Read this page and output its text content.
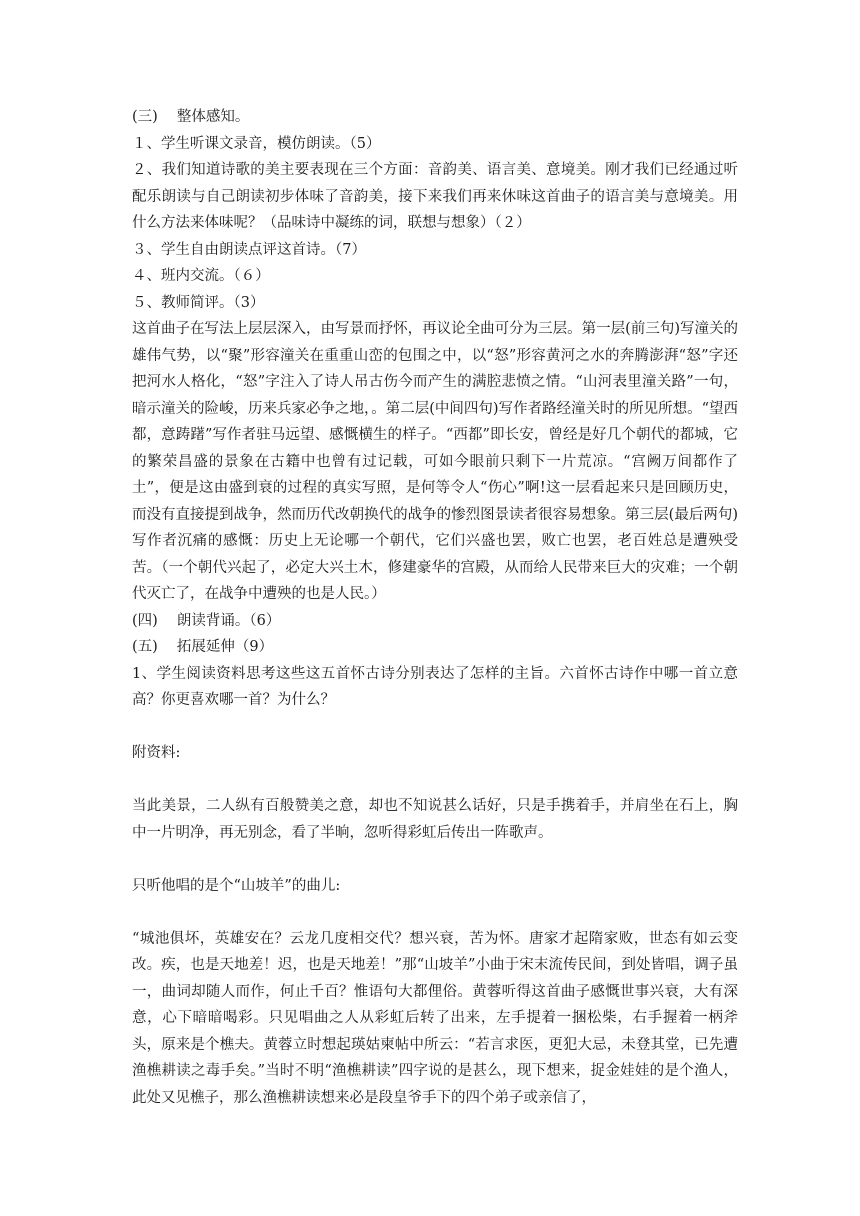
(三)　 整体感知。

１、学生听课文录音，模仿朗读。（5）

２、我们知道诗歌的美主要表现在三个方面：音韵美、语言美、意境美。刚才我们已经通过听配乐朗读与自己朗读初步体味了音韵美，接下来我们再来休味这首曲子的语言美与意境美。用什么方法来体味呢？（品味诗中凝练的词，联想与想象）（２）

３、学生自由朗读点评这首诗。（7）

４、班内交流。（６）

５、教师简评。（3）

这首曲子在写法上层层深入，由写景而抒怀，再议论全曲可分为三层。第一层(前三句)写潼关的雄伟气势，以“聚”形容潼关在重重山峦的包围之中，以“怒”形容黄河之水的奔腾澎湃“怒”字还把河水人格化，“怒”字注入了诗人吊古伤今而产生的满腔悲愤之情。“山河表里潼关路”一句，暗示潼关的险峻，历来兵家必争之地，。第二层(中间四句)写作者路经潼关时的所见所想。“望西都，意踌躇”写作者驻马远望、感慨横生的样子。“西都”即长安，曾经是好几个朝代的都城，它的繁荣昌盛的景象在古籍中也曾有过记载，可如今眼前只剩下一片荒凉。“宫阙万间都作了土”，便是这由盛到衰的过程的真实写照，是何等令人“伤心”啊!这一层看起来只是回顾历史，而没有直接提到战争，然而历代改朝换代的战争的惨烈图景读者很容易想象。第三层(最后两句)写作者沉痛的感慨：历史上无论哪一个朝代，它们兴盛也罢，败亡也罢，老百姓总是遭殃受苦。（一个朝代兴起了，必定大兴土木，修建豪华的宫殿，从而给人民带来巨大的灾难；一个朝代灭亡了，在战争中遭殃的也是人民。）

(四)　 朗读背诵。（6）

(五)　 拓展延伸（9）

1、学生阅读资料思考这些这五首怀古诗分别表达了怎样的主旨。六首怀古诗作中哪一首立意高？你更喜欢哪一首？为什么？

附资料:

当此美景，二人纵有百般赞美之意，却也不知说甚么话好，只是手携着手，并肩坐在石上，胸中一片明净，再无别念，看了半晌，忽听得彩虹后传出一阵歌声。

只听他唱的是个“山坡羊”的曲儿:

“城池俱坏，英雄安在？云龙几度相交代？想兴衰，苦为怀。唐家才起隋家败，世态有如云变改。疾，也是天地差！迟，也是天地差！”那“山坡羊”小曲于宋末流传民间，到处皆唱，调子虽一，曲词却随人而作，何止千百？惟语句大都俚俗。黄蓉听得这首曲子感慨世事兴衰，大有深意，心下暗暗喝彩。只见唱曲之人从彩虹后转了出来，左手提着一捆松柴，右手握着一柄斧头，原来是个樵夫。黄蓉立时想起瑛姑柬帖中所云：“若言求医，更犯大忌，未登其堂，已先遭渔樵耕读之毒手矣。”当时不明“渔樵耕读”四字说的是甚么，现下想来，捉金娃娃的是个渔人，此处又见樵子，那么渔樵耕读想来必是段皇爷手下的四个弟子或亲信了，
